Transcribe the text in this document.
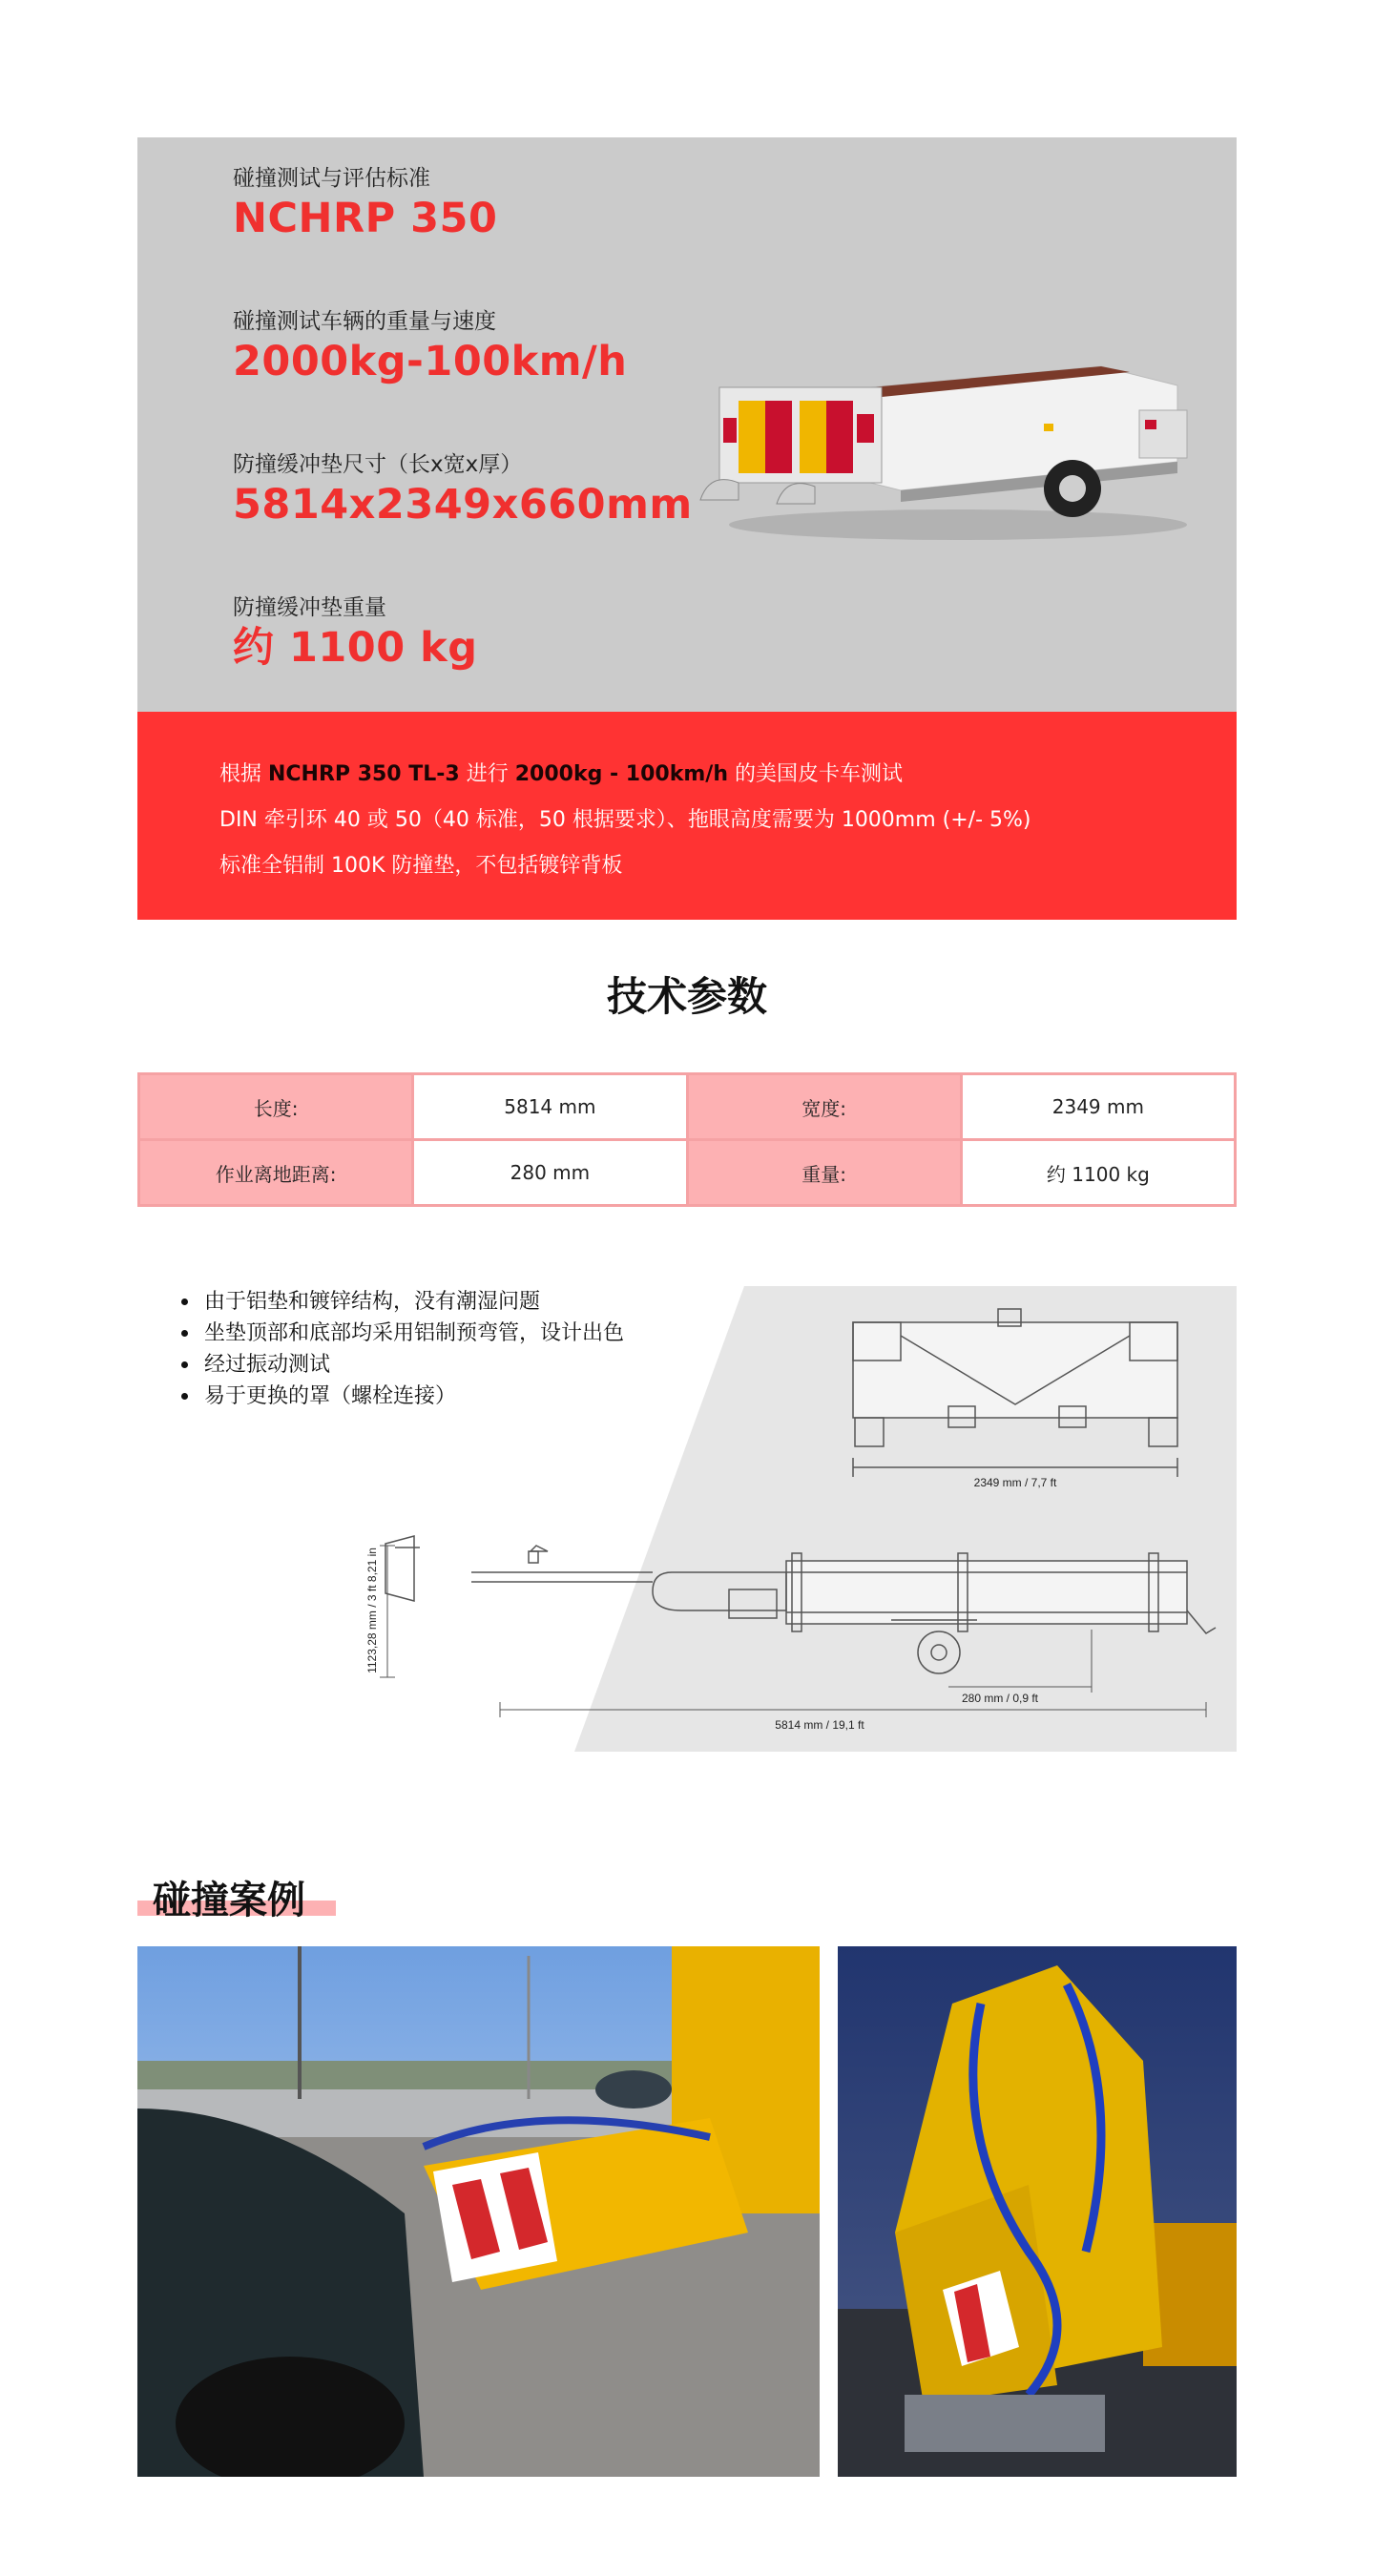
碰撞测试与评估标准
NCHRP 350
碰撞测试车辆的重量与速度
2000kg-100km/h
防撞缓冲垫尺寸（长x宽x厚）
5814x2349x660mm
防撞缓冲垫重量
约 1100 kg

根据 NCHRP 350 TL-3 进行 2000kg - 100km/h 的美国皮卡车测试

DIN 牵引环 40 或 50（40 标准，50 根据要求）、拖眼高度需要为 1000mm (+/- 5%)

标准全铝制 100K 防撞垫，不包括镀锌背板

技术参数
长度:	5814 mm	宽度:	2349 mm
作业离地距离:	280 mm	重量:	约 1100 kg
由于铝垫和镀锌结构，没有潮湿问题
坐垫顶部和底部均采用铝制预弯管，设计出色
经过振动测试
易于更换的罩（螺栓连接）
2349 mm / 7,7 ft
1123,28 mm / 3 ft 8,21 in
280 mm / 0,9 ft
5814 mm / 19,1 ft
碰撞案例
